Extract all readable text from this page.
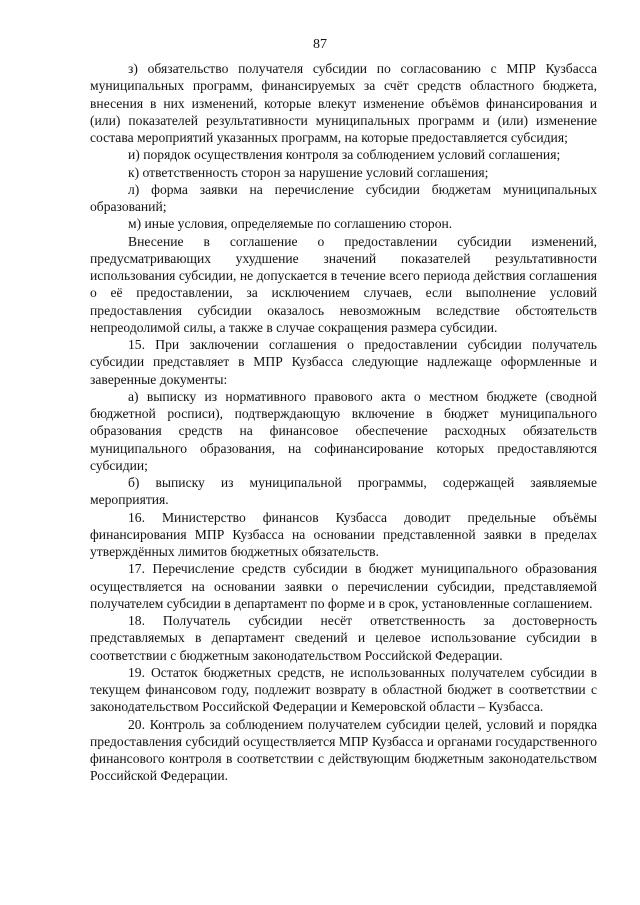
87

з) обязательство получателя субсидии по согласованию с МПР Кузбасса муниципальных программ, финансируемых за счёт средств областного бюджета, внесения в них изменений, которые влекут изменение объёмов финансирования и (или) показателей результативности муниципальных программ и (или) изменение состава мероприятий указанных программ, на которые предоставляется субсидия;

и) порядок осуществления контроля за соблюдением условий соглашения;

к) ответственность сторон за нарушение условий соглашения;

л) форма заявки на перечисление субсидии бюджетам муниципальных образований;

м) иные условия, определяемые по соглашению сторон.

Внесение в соглашение о предоставлении субсидии изменений, предусматривающих ухудшение значений показателей результативности использования субсидии, не допускается в течение всего периода действия соглашения о её предоставлении, за исключением случаев, если выполнение условий предоставления субсидии оказалось невозможным вследствие обстоятельств непреодолимой силы, а также в случае сокращения размера субсидии.

15. При заключении соглашения о предоставлении субсидии получатель субсидии представляет в МПР Кузбасса следующие надлежаще оформленные и заверенные документы:

а) выписку из нормативного правового акта о местном бюджете (сводной бюджетной росписи), подтверждающую включение в бюджет муниципального образования средств на финансовое обеспечение расходных обязательств муниципального образования, на софинансирование которых предоставляются субсидии;

б) выписку из муниципальной программы, содержащей заявляемые мероприятия.

16. Министерство финансов Кузбасса доводит предельные объёмы финансирования МПР Кузбасса на основании представленной заявки в пределах утверждённых лимитов бюджетных обязательств.

17. Перечисление средств субсидии в бюджет муниципального образования осуществляется на основании заявки о перечислении субсидии, представляемой получателем субсидии в департамент по форме и в срок, установленные соглашением.

18. Получатель субсидии несёт ответственность за достоверность представляемых в департамент сведений и целевое использование субсидии в соответствии с бюджетным законодательством Российской Федерации.

19. Остаток бюджетных средств, не использованных получателем субсидии в текущем финансовом году, подлежит возврату в областной бюджет в соответствии с законодательством Российской Федерации и Кемеровской области – Кузбасса.

20. Контроль за соблюдением получателем субсидии целей, условий и порядка предоставления субсидий осуществляется МПР Кузбасса и органами государственного финансового контроля в соответствии с действующим бюджетным законодательством Российской Федерации.
